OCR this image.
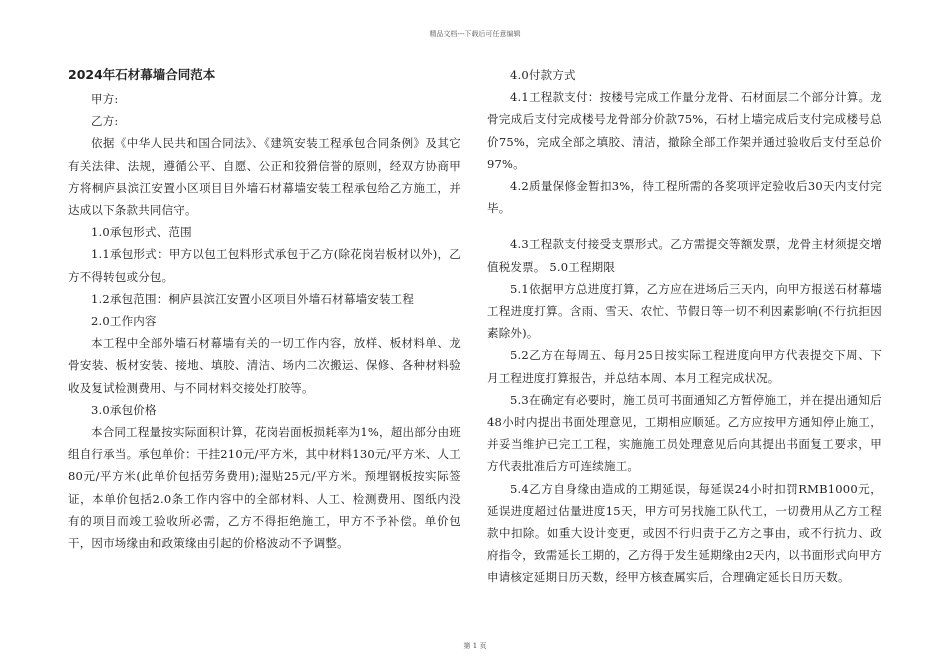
精品文档---下载后可任意编辑

2024年石材幕墙合同范本

甲方:

乙方:

依据《中华人民共和国合同法》、《建筑安装工程承包合同条例》及其它有关法律、法规，遵循公平、自愿、公正和狡猾信誉的原则，经双方协商甲方将桐庐县滨江安置小区项目目外墙石材幕墙安装工程承包给乙方施工，并达成以下条款共同信守。

1.0承包形式、范围

1.1承包形式：甲方以包工包料形式承包于乙方(除花岗岩板材以外)，乙方不得转包或分包。

1.2承包范围：桐庐县滨江安置小区项目外墙石材幕墙安装工程

2.0工作内容

本工程中全部外墙石材幕墙有关的一切工作内容，放样、板材料单、龙骨安装、板材安装、接地、填胶、清洁、场内二次搬运、保修、各种材料验收及复试检测费用、与不同材料交接处打胶等。

3.0承包价格

本合同工程量按实际面积计算，花岗岩面板损耗率为1%，超出部分由班组自行承当。承包单价：干挂210元/平方米，其中材料130元/平方米、人工80元/平方米(此单价包括劳务费用);湿贴25元/平方米。预埋钢板按实际签证，本单价包括2.0条工作内容中的全部材料、人工、检测费用、图纸内没有的项目而竣工验收所必需，乙方不得拒绝施工，甲方不予补偿。单价包干，因市场缘由和政策缘由引起的价格波动不予调整。

4.0付款方式

4.1工程款支付：按楼号完成工作量分龙骨、石材面层二个部分计算。龙骨完成后支付完成楼号龙骨部分价款75%，石材上墙完成后支付完成楼号总价75%，完成全部之填胶、清洁，撤除全部工作架并通过验收后支付至总价97%。

4.2质量保修金暂扣3%，待工程所需的各奖项评定验收后30天内支付完毕。

4.3工程款支付接受支票形式。乙方需提交等额发票，龙骨主材须提交增值税发票。 5.0工程期限

5.1依据甲方总进度打算，乙方应在进场后三天内，向甲方报送石材幕墙工程进度打算。含雨、雪天、农忙、节假日等一切不利因素影响(不行抗拒因素除外)。

5.2乙方在每周五、每月25日按实际工程进度向甲方代表提交下周、下月工程进度打算报告，并总结本周、本月工程完成状况。

5.3在确定有必要时，施工员可书面通知乙方暂停施工，并在提出通知后48小时内提出书面处理意见，工期相应顺延。乙方应按甲方通知停止施工，并妥当维护已完工工程，实施施工员处理意见后向其提出书面复工要求，甲方代表批准后方可连续施工。

5.4乙方自身缘由造成的工期延误，每延误24小时扣罚RMB1000元，延误进度超过估量进度15天，甲方可另找施工队代工，一切费用从乙方工程款中扣除。如重大设计变更，或因不行归责于乙方之事由，或不行抗力、政府指令，致需延长工期的，乙方得于发生延期缘由2天内，以书面形式向甲方申请核定延期日历天数，经甲方核查属实后，合理确定延长日历天数。

第 1 页
